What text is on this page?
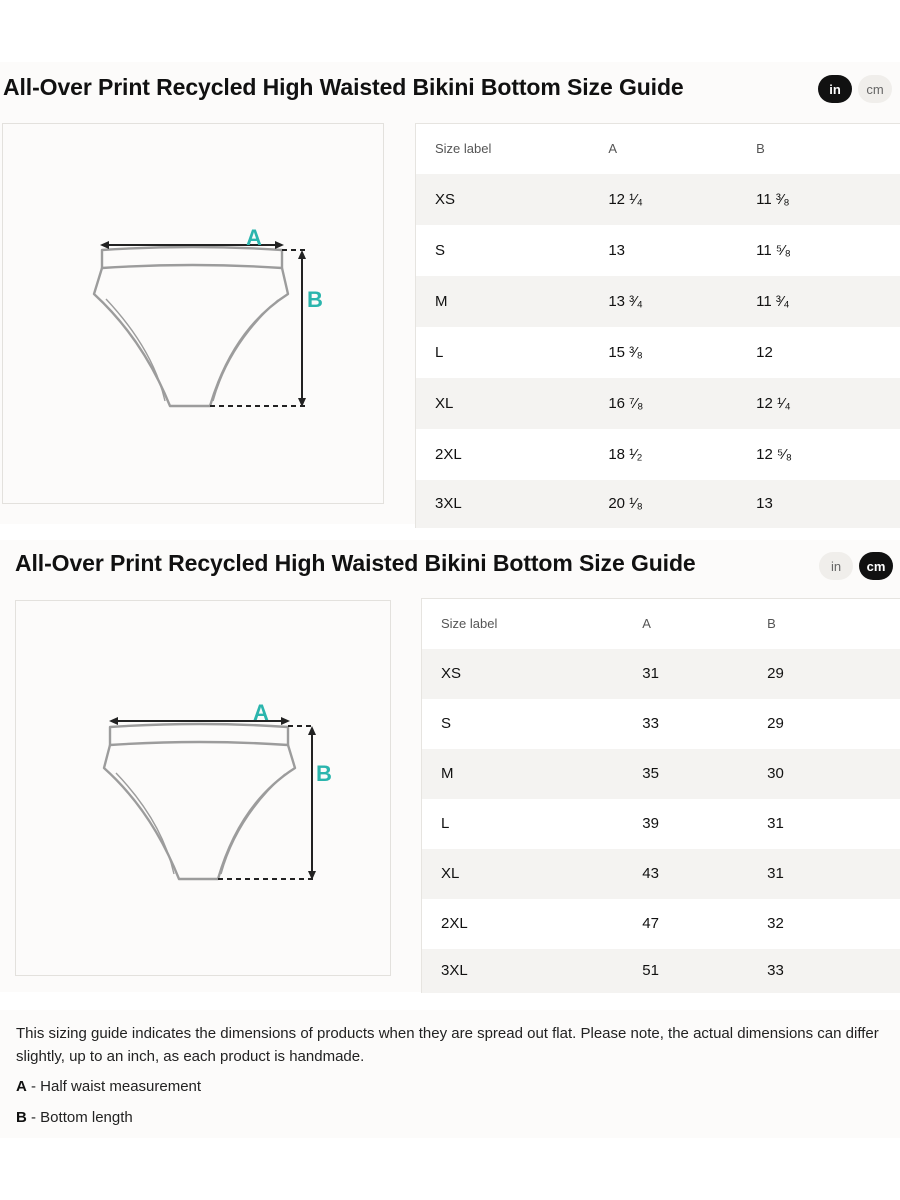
All-Over Print Recycled High Waisted Bikini Bottom Size Guide	in	cm
A
B
Size label	A	B
XS	12 ¹⁄₄	11 ³⁄₈
S	13	11 ⁵⁄₈
M	13 ³⁄₄	11 ³⁄₄
L	15 ³⁄₈	12
XL	16 ⁷⁄₈	12 ¹⁄₄
2XL	18 ¹⁄₂	12 ⁵⁄₈
3XL	20 ¹⁄₈	13
All-Over Print Recycled High Waisted Bikini Bottom Size Guide	in	cm
A
B
Size label	A	B
XS	31	29
S	33	29
M	35	30
L	39	31
XL	43	31
2XL	47	32
3XL	51	33

This sizing guide indicates the dimensions of products when they are spread out flat. Please note, the actual dimensions can differ slightly, up to an inch, as each product is handmade.

A - Half waist measurement

B - Bottom length
